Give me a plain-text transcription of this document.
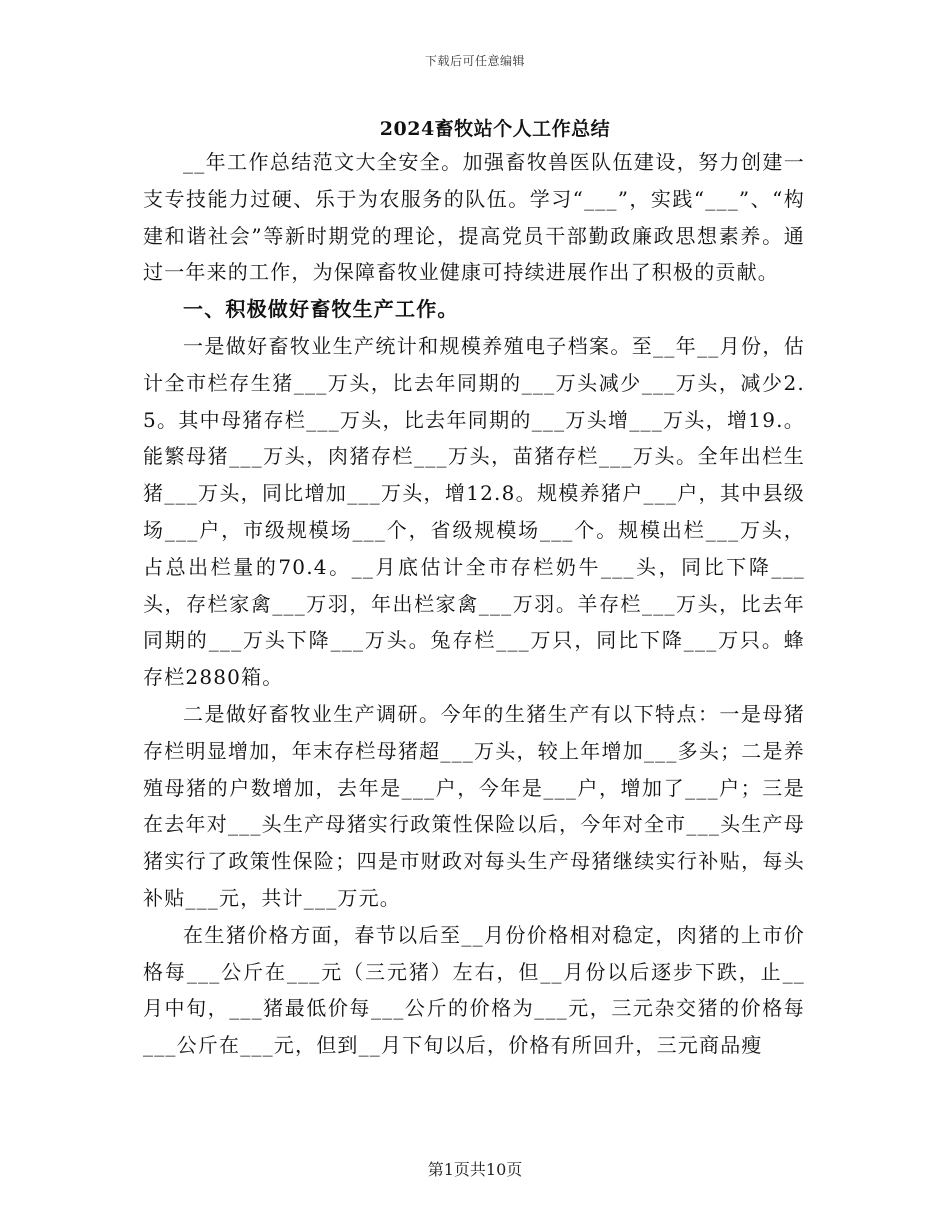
下载后可任意编辑
2024畜牧站个人工作总结

__年工作总结范文大全安全。加强畜牧兽医队伍建设，努力创建一支专技能力过硬、乐于为农服务的队伍。学习“___”，实践“___”、“构建和谐社会”等新时期党的理论，提高党员干部勤政廉政思想素养。通过一年来的工作，为保障畜牧业健康可持续进展作出了积极的贡献。

一、积极做好畜牧生产工作。

一是做好畜牧业生产统计和规模养殖电子档案。至__年__月份，估计全市栏存生猪___万头，比去年同期的___万头减少___万头，减少2.5。其中母猪存栏___万头，比去年同期的___万头增___万头，增19.。能繁母猪___万头，肉猪存栏___万头，苗猪存栏___万头。全年出栏生猪___万头，同比增加___万头，增12.8。规模养猪户___户，其中县级场___户，市级规模场___个，省级规模场___个。规模出栏___万头，占总出栏量的70.4。__月底估计全市存栏奶牛___头，同比下降___头，存栏家禽___万羽，年出栏家禽___万羽。羊存栏___万头，比去年同期的___万头下降___万头。兔存栏___万只，同比下降___万只。蜂存栏2880箱。

二是做好畜牧业生产调研。今年的生猪生产有以下特点：一是母猪存栏明显增加，年末存栏母猪超___万头，较上年增加___多头；二是养殖母猪的户数增加，去年是___户，今年是___户，增加了___户；三是在去年对___头生产母猪实行政策性保险以后，今年对全市___头生产母猪实行了政策性保险；四是市财政对每头生产母猪继续实行补贴，每头补贴___元，共计___万元。

在生猪价格方面，春节以后至__月份价格相对稳定，肉猪的上市价格每___公斤在___元（三元猪）左右，但__月份以后逐步下跌，止__月中旬，___猪最低价每___公斤的价格为___元，三元杂交猪的价格每___公斤在___元，但到__月下旬以后，价格有所回升，三元商品瘦

第1页共10页
